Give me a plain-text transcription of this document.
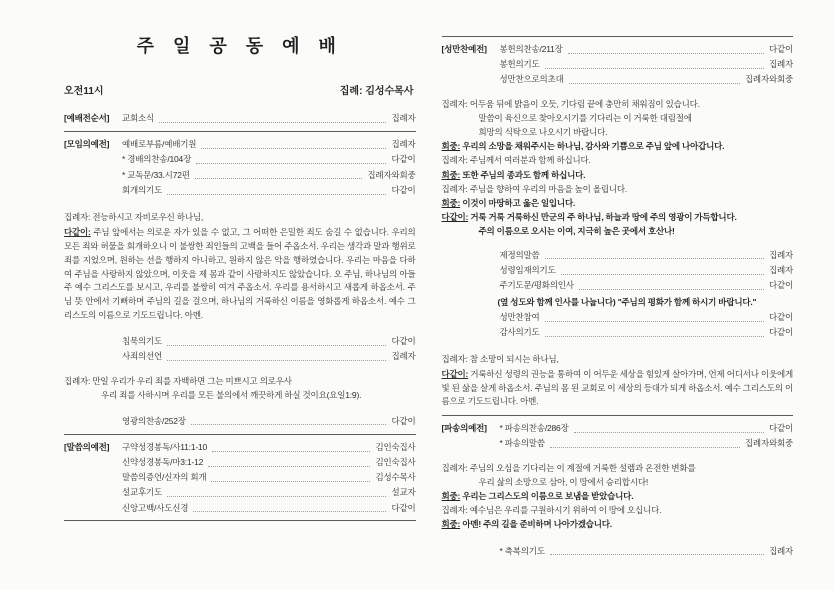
주 일 공 동 예 배
오전11시	집례: 김성수목사
[예배전순서]	교회소식	집례자
[모임의예전]	예배로부름/예배기원	집례자
* 경배의찬송/104장	다같이
* 교독문/33.시72편	집례자와회중
회개의기도	다같이
집례자: 전능하시고 자비로우신 하나님,
다같이: 주님 앞에서는 의로운 자가 있을 수 없고, 그 어떠한 은밀한 죄도 숨길 수 없습니다. 우리의 모든 죄와 허물을 회개하오니 이 불쌍한 죄인들의 고백을 들어 주옵소서. 우리는 생각과 말과 행위로 죄를 지었으며, 원하는 선을 행하지 아니하고, 원하지 않은 악을 행하였습니다. 우리는 마음을 다하여 주님을 사랑하지 않았으며, 이웃을 제 몸과 같이 사랑하지도 않았습니다. 오 주님, 하나님의 아들 주 예수 그리스도를 보시고, 우리를 불쌍히 여겨 주옵소서. 우리를 용서하시고 새롭게 하옵소서. 주님 뜻 안에서 기뻐하며 주님의 길을 걸으며, 하나님의 거룩하신 이름을 영화롭게 하옵소서. 예수 그리스도의 이름으로 기도드립니다. 아멘.
침묵의기도	다같이
사죄의선언	집례자
집례자: 만일 우리가 우리 죄를 자백하면 그는 미쁘시고 의로우사
우리 죄를 사하시며 우리를 모든 불의에서 깨끗하게 하실 것이요(요일1:9).
영광의찬송/252장	다같이
[말씀의예전]	구약성경봉독/사11:1-10	김인숙집사
신약성경봉독/마3:1-12	김인숙집사
말씀의증언/신자의 회개	김성수목사
설교후기도	설교자
신앙고백/사도신경	다같이
[성만찬예전]	봉헌의찬송/211장	다같이
봉헌의기도	집례자
성만찬으로의초대	집례자와회중
집례자: 어두움 뒤에 밝음이 오듯, 기다림 끝에 충만히 채워짐이 있습니다.
말씀이 육신으로 찾아오시기를 기다리는 이 거룩한 대림절에
희망의 식탁으로 나오시기 바랍니다.
회중: 우리의 소망을 채워주시는 하나님, 감사와 기쁨으로 주님 앞에 나아갑니다.
집례자: 주님께서 여러분과 함께 하십니다.
회중: 또한 주님의 종과도 함께 하십니다.
집례자: 주님을 향하여 우리의 마음을 높이 올립니다.
회중: 이것이 마땅하고 옳은 일입니다.
다같이: 거룩 거룩 거룩하신 만군의 주 하나님, 하늘과 땅에 주의 영광이 가득합니다.
주의 이름으로 오시는 이여, 지극히 높은 곳에서 호산나!
제정의말씀	집례자
성령임재의기도	집례자
주기도문/평화의인사	다같이
(옆 성도와 함께 인사를 나눕니다) "주님의 평화가 함께 하시기 바랍니다."
성만찬참여	다같이
감사의기도	다같이
집례자: 참 소망이 되시는 하나님,
다같이: 거룩하신 성령의 권능을 통하여 이 어두운 세상을 힘있게 살아가며, 언제 어디서나 이웃에게 빛 된 삶을 살게 하옵소서. 주님의 몸 된 교회로 이 세상의 등대가 되게 하옵소서. 예수 그리스도의 이름으로 기도드립니다. 아멘.
[파송의예전]	* 파송의찬송/286장	다같이
* 파송의말씀	집례자와회중
집례자: 주님의 오심을 기다리는 이 계절에 거룩한 설렘과 온전한 변화를
우리 삶의 소망으로 삼아, 이 땅에서 승리합시다!
회중: 우리는 그리스도의 이름으로 보냄을 받았습니다.
집례자: 예수님은 우리를 구원하시기 위하여 이 땅에 오십니다.
회중: 아멘! 주의 길을 준비하며 나아가겠습니다.
* 축복의기도	집례자
